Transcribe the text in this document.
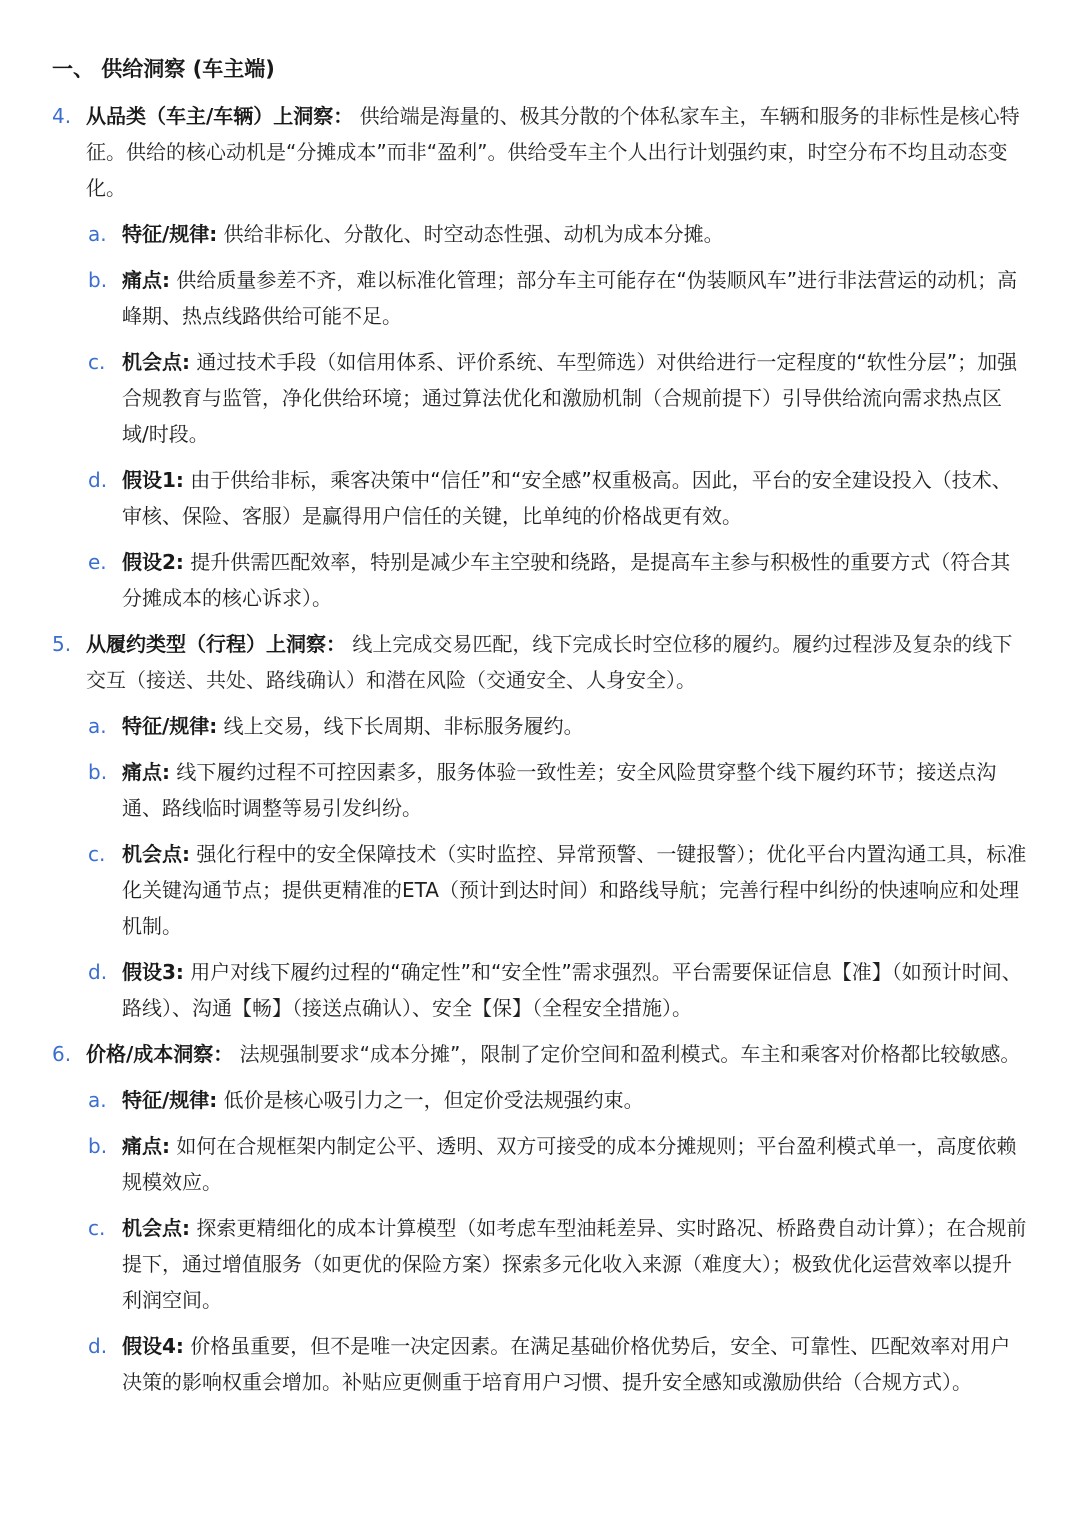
一、 供给洞察 (车主端)
4. 从品类（车主/车辆）上洞察： 供给端是海量的、极其分散的个体私家车主，车辆和服务的非标性是核心特征。供给的核心动机是“分摊成本”而非“盈利”。供给受车主个人出行计划强约束，时空分布不均且动态变化。
a. 特征/规律: 供给非标化、分散化、时空动态性强、动机为成本分摊。
b. 痛点: 供给质量参差不齐，难以标准化管理；部分车主可能存在“伪装顺风车”进行非法营运的动机；高峰期、热点线路供给可能不足。
c. 机会点: 通过技术手段（如信用体系、评价系统、车型筛选）对供给进行一定程度的“软性分层”；加强合规教育与监管，净化供给环境；通过算法优化和激励机制（合规前提下）引导供给流向需求热点区域/时段。
d. 假设1: 由于供给非标，乘客决策中“信任”和“安全感”权重极高。因此，平台的安全建设投入（技术、审核、保险、客服）是赢得用户信任的关键，比单纯的价格战更有效。
e. 假设2: 提升供需匹配效率，特别是减少车主空驶和绕路，是提高车主参与积极性的重要方式（符合其分摊成本的核心诉求）。
5. 从履约类型（行程）上洞察： 线上完成交易匹配，线下完成长时空位移的履约。履约过程涉及复杂的线下交互（接送、共处、路线确认）和潜在风险（交通安全、人身安全）。
a. 特征/规律: 线上交易，线下长周期、非标服务履约。
b. 痛点: 线下履约过程不可控因素多，服务体验一致性差；安全风险贯穿整个线下履约环节；接送点沟通、路线临时调整等易引发纠纷。
c. 机会点: 强化行程中的安全保障技术（实时监控、异常预警、一键报警）；优化平台内置沟通工具，标准化关键沟通节点；提供更精准的ETA（预计到达时间）和路线导航；完善行程中纠纷的快速响应和处理机制。
d. 假设3: 用户对线下履约过程的“确定性”和“安全性”需求强烈。平台需要保证信息【准】（如预计时间、路线）、沟通【畅】（接送点确认）、安全【保】（全程安全措施）。
6. 价格/成本洞察： 法规强制要求“成本分摊”，限制了定价空间和盈利模式。车主和乘客对价格都比较敏感。
a. 特征/规律: 低价是核心吸引力之一，但定价受法规强约束。
b. 痛点: 如何在合规框架内制定公平、透明、双方可接受的成本分摊规则；平台盈利模式单一，高度依赖规模效应。
c. 机会点: 探索更精细化的成本计算模型（如考虑车型油耗差异、实时路况、桥路费自动计算）；在合规前提下，通过增值服务（如更优的保险方案）探索多元化收入来源（难度大）；极致优化运营效率以提升利润空间。
d. 假设4: 价格虽重要，但不是唯一决定因素。在满足基础价格优势后，安全、可靠性、匹配效率对用户决策的影响权重会增加。补贴应更侧重于培育用户习惯、提升安全感知或激励供给（合规方式）。
